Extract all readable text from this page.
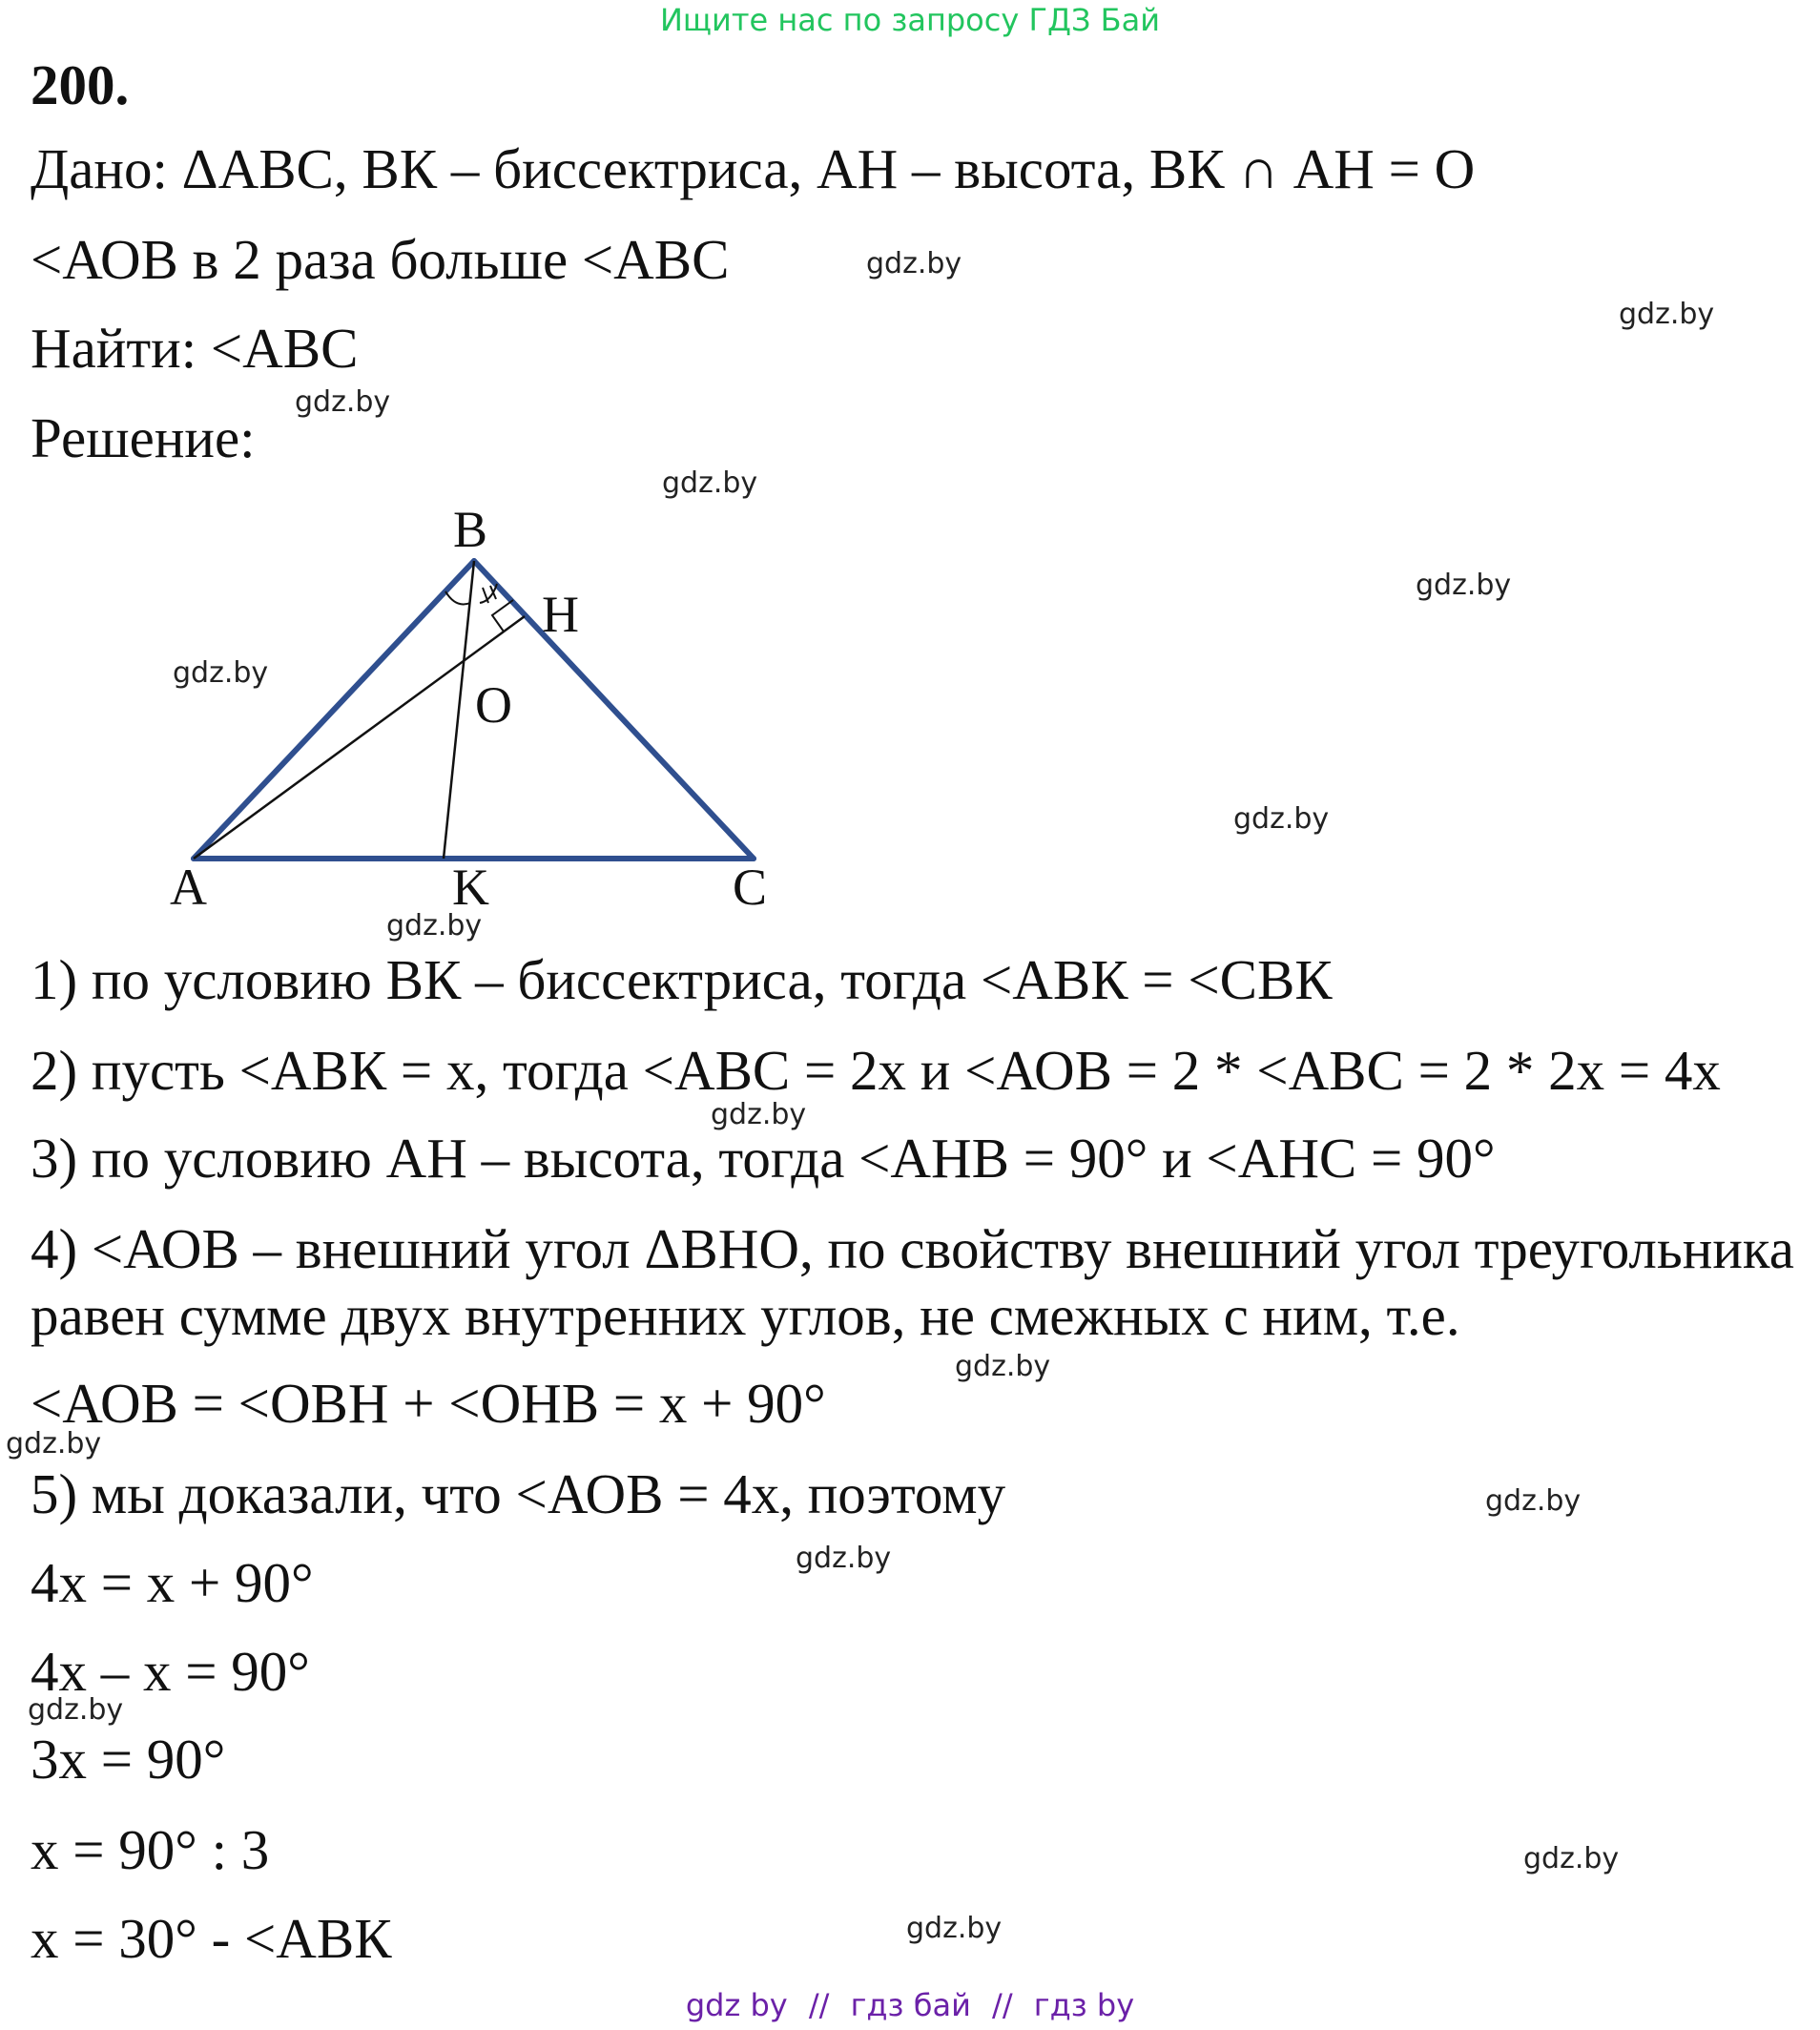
Ищите нас по запросу ГДЗ Бай
200.
Дано: ΔАВС, ВК – биссектриса, АН – высота, ВК ∩ АН = О
<АОВ в 2 раза больше <АВС
Найти: <АВС
Решение:
B
H
O
A	K	C
1) по условию ВК – биссектриса, тогда <АВК = <СВК
2) пусть <АВК = х, тогда <АВС = 2х и <АОВ = 2 * <АВС = 2 * 2х = 4х
3) по условию АН – высота, тогда <АНВ = 90° и <АНС = 90°
4) <АОВ – внешний угол ΔВНО, по свойству внешний угол треугольника
равен сумме двух внутренних углов, не смежных с ним, т.е.
<АОВ = <ОВН + <ОНВ = х + 90°
5) мы доказали, что <АОВ = 4х, поэтому
4х = х + 90°
4х – х = 90°
3х = 90°
х = 90° : 3
х = 30° - <АВК
gdz.by
gdz.by
gdz.by
gdz.by
gdz.by
gdz.by
gdz.by
gdz.by
gdz.by
gdz.by
gdz.by
gdz.by
gdz.by
gdz.by
gdz.by
gdz.by
gdz by // гдз бай // гдз by
